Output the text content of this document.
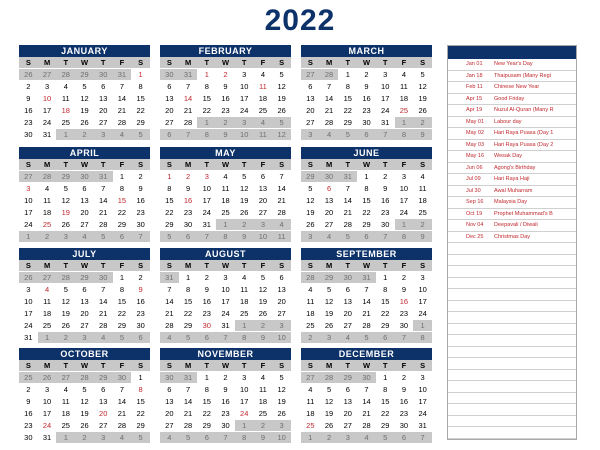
2022
JANUARY
S	M	T	W	T	F	S
26	27	28	29	30	31	1
2	3	4	5	6	7	8
9	10	11	12	13	14	15
16	17	18	19	20	21	22
23	24	25	26	27	28	29
30	31	1	2	3	4	5
FEBRUARY
S	M	T	W	T	F	S
30	31	1	2	3	4	5
6	7	8	9	10	11	12
13	14	15	16	17	18	19
20	21	22	23	24	25	26
27	28	1	2	3	4	5
6	7	8	9	10	11	12
MARCH
S	M	T	W	T	F	S
27	28	1	2	3	4	5
6	7	8	9	10	11	12
13	14	15	16	17	18	19
20	21	22	23	24	25	26
27	28	29	30	31	1	2
3	4	5	6	7	8	9
APRIL
S	M	T	W	T	F	S
27	28	29	30	31	1	2
3	4	5	6	7	8	9
10	11	12	13	14	15	16
17	18	19	20	21	22	23
24	25	26	27	28	29	30
1	2	3	4	5	6	7
MAY
S	M	T	W	T	F	S
1	2	3	4	5	6	7
8	9	10	11	12	13	14
15	16	17	18	19	20	21
22	23	24	25	26	27	28
29	30	31	1	2	3	4
5	6	7	8	9	10	11
JUNE
S	M	T	W	T	F	S
29	30	31	1	2	3	4
5	6	7	8	9	10	11
12	13	14	15	16	17	18
19	20	21	22	23	24	25
26	27	28	29	30	1	2
3	4	5	6	7	8	9
JULY
S	M	T	W	T	F	S
26	27	28	29	30	1	2
3	4	5	6	7	8	9
10	11	12	13	14	15	16
17	18	19	20	21	22	23
24	25	26	27	28	29	30
31	1	2	3	4	5	6
AUGUST
S	M	T	W	T	F	S
31	1	2	3	4	5	6
7	8	9	10	11	12	13
14	15	16	17	18	19	20
21	22	23	24	25	26	27
28	29	30	31	1	2	3
4	5	6	7	8	9	10
SEPTEMBER
S	M	T	W	T	F	S
28	29	30	31	1	2	3
4	5	6	7	8	9	10
11	12	13	14	15	16	17
18	19	20	21	22	23	24
25	26	27	28	29	30	1
2	3	4	5	6	7	8
OCTOBER
S	M	T	W	T	F	S
25	26	27	28	29	30	1
2	3	4	5	6	7	8
9	10	11	12	13	14	15
16	17	18	19	20	21	22
23	24	25	26	27	28	29
30	31	1	2	3	4	5
NOVEMBER
S	M	T	W	T	F	S
30	31	1	2	3	4	5
6	7	8	9	10	11	12
13	14	15	16	17	18	19
20	21	22	23	24	25	26
27	28	29	30	1	2	3
4	5	6	7	8	9	10
DECEMBER
S	M	T	W	T	F	S
27	28	29	30	1	2	3
4	5	6	7	8	9	10
11	12	13	14	15	16	17
18	19	20	21	22	23	24
25	26	27	28	29	30	31
1	2	3	4	5	6	7
Jan 01	New Year's Day
Jan 18	Thaipusam (Many Regi
Feb 11	Chinese New Year
Apr 15	Good Friday
Apr 19	Nuzul Al-Quran (Many R
May 01	Labour day
May 02	Hari Raya Puasa (Day 1
May 03	Hari Raya Puasa (Day 2
May 16	Wesak Day
Jun 06	Agong's Birthday
Jul 09	Hari Raya Haji
Jul 30	Awal Muharram
Sep 16	Malaysia Day
Oct 19	Prophet Muhammad's B
Nov 04	Deepavali / Diwali
Dec 25	Christmas Day
